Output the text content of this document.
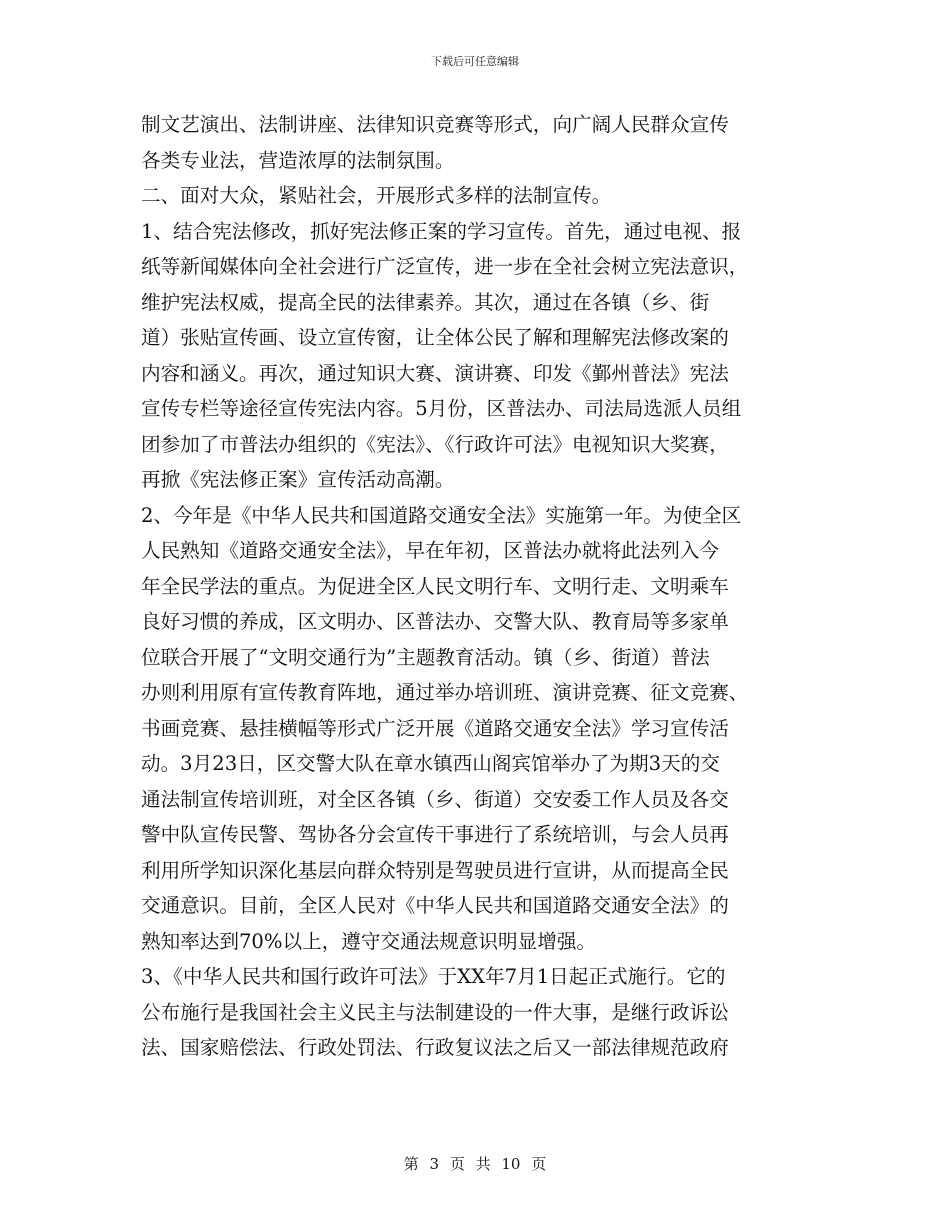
下载后可任意编辑
制文艺演出、法制讲座、法律知识竞赛等形式，向广阔人民群众宣传
各类专业法，营造浓厚的法制氛围。
二、面对大众，紧贴社会，开展形式多样的法制宣传。
1、结合宪法修改，抓好宪法修正案的学习宣传。首先，通过电视、报
纸等新闻媒体向全社会进行广泛宣传，进一步在全社会树立宪法意识，
维护宪法权威，提高全民的法律素养。其次，通过在各镇（乡、街
道）张贴宣传画、设立宣传窗，让全体公民了解和理解宪法修改案的
内容和涵义。再次，通过知识大赛、演讲赛、印发《鄞州普法》宪法
宣传专栏等途径宣传宪法内容。5月份，区普法办、司法局选派人员组
团参加了市普法办组织的《宪法》、《行政许可法》电视知识大奖赛，
再掀《宪法修正案》宣传活动高潮。
2、今年是《中华人民共和国道路交通安全法》实施第一年。为使全区
人民熟知《道路交通安全法》，早在年初，区普法办就将此法列入今
年全民学法的重点。为促进全区人民文明行车、文明行走、文明乘车
良好习惯的养成，区文明办、区普法办、交警大队、教育局等多家单
位联合开展了“文明交通行为”主题教育活动。镇（乡、街道）普法
办则利用原有宣传教育阵地，通过举办培训班、演讲竞赛、征文竞赛、
书画竞赛、悬挂横幅等形式广泛开展《道路交通安全法》学习宣传活
动。3月23日，区交警大队在章水镇西山阁宾馆举办了为期3天的交
通法制宣传培训班，对全区各镇（乡、街道）交安委工作人员及各交
警中队宣传民警、驾协各分会宣传干事进行了系统培训，与会人员再
利用所学知识深化基层向群众特别是驾驶员进行宣讲，从而提高全民
交通意识。目前，全区人民对《中华人民共和国道路交通安全法》的
熟知率达到70%以上，遵守交通法规意识明显增强。
3、《中华人民共和国行政许可法》于XX年7月1日起正式施行。它的
公布施行是我国社会主义民主与法制建设的一件大事，是继行政诉讼
法、国家赔偿法、行政处罚法、行政复议法之后又一部法律规范政府
第 3 页 共 10 页
